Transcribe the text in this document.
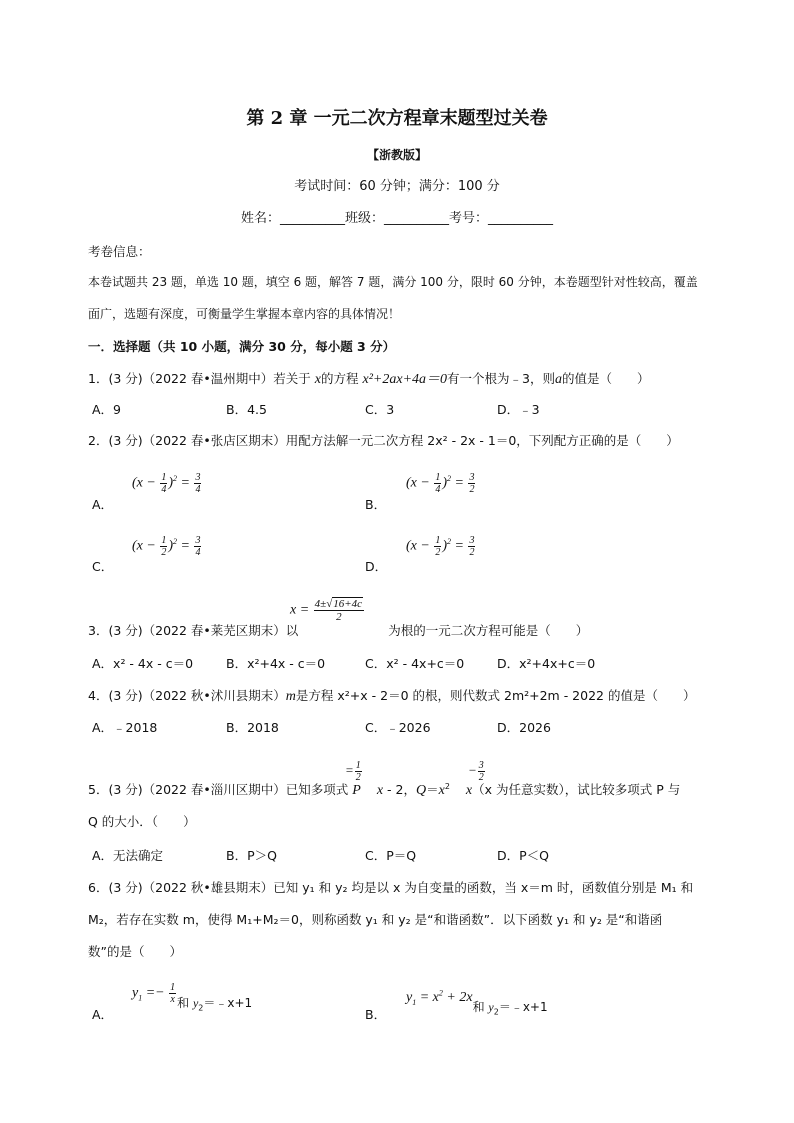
第 2 章 一元二次方程章末题型过关卷
【浙教版】
考试时间：60 分钟；满分：100 分
姓名：__________班级：__________考号：__________
考卷信息：
本卷试题共 23 题，单选 10 题，填空 6 题，解答 7 题，满分 100 分，限时 60 分钟，本卷题型针对性较高，覆盖
面广，选题有深度，可衡量学生掌握本章内容的具体情况！
一．选择题（共 10 小题，满分 30 分，每小题 3 分）
1．(3 分)（2022 春•温州期中）若关于 x的方程 x²+2ax+4a＝0有一个根为﹣3，则a的值是（　　）
A．9	B．4.5	C．3	D．﹣3
2．(3 分)（2022 春•张店区期末）用配方法解一元二次方程 2x² - 2x - 1＝0，下列配方正确的是（　　）
A．
$(x - \frac{1}{4} )^2 = \frac{3}{4}$
B．
$(x - \frac{1}{4} )^2 = \frac{3}{2}$
C．
$(x - \frac{1}{2} )^2 = \frac{3}{4}$
D．
$(x - \frac{1}{2} )^2 = \frac{3}{2}$
$x = \frac{4\pm√16+4c}{2}$
3．(3 分)（2022 春•莱芜区期末）以	为根的一元二次方程可能是（　　）
A．x² - 4x - c＝0	B．x²+4x - c＝0	C．x² - 4x+c＝0	D．x²+4x+c＝0
4．(3 分)（2022 秋•沭川县期末）m是方程 x²+x - 2＝0 的根，则代数式 2m²+2m - 2022 的值是（　　）
A．﹣2018	B．2018	C．﹣2026	D．2026
= $\frac{1}{2}$	− $\frac{3}{2}$
5．(3 分)（2022 春•淄川区期中）已知多项式 P x - 2，$Q=x^2$ x（x 为任意实数），试比较多项式 P 与
Q 的大小．（　　）
A．无法确定	B．P＞Q	C．P＝Q	D．P＜Q
6．(3 分)（2022 秋•雄县期末）已知 y₁ 和 y₂ 均是以 x 为自变量的函数，当 x＝m 时，函数值分别是 M₁ 和
M₂，若存在实数 m，使得 M₁+M₂＝0，则称函数 y₁ 和 y₂ 是“和谐函数”．以下函数 y₁ 和 y₂ 是“和谐函
数”的是（　　）
A．
$y_1 =- \frac{1}{x}$ 和 $y_2=﹣x+1$
B．
$y_1 = x^2 + 2x$和 $y_2=﹣x+1$
